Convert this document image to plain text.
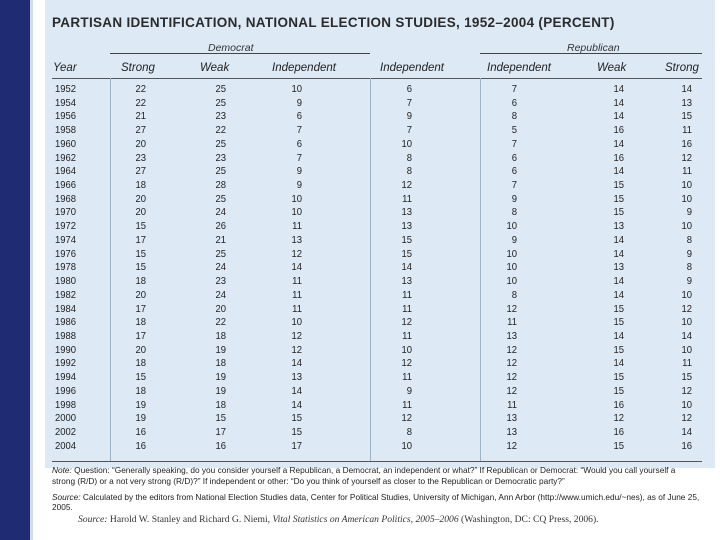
PARTISAN IDENTIFICATION, NATIONAL ELECTION STUDIES, 1952–2004 (PERCENT)
Democrat	Republican
Year	Strong	Weak	Independent	Independent	Independent	Weak	Strong
1952	22	25	10	6	7	14	14
1954	22	25	9	7	6	14	13
1956	21	23	6	9	8	14	15
1958	27	22	7	7	5	16	11
1960	20	25	6	10	7	14	16
1962	23	23	7	8	6	16	12
1964	27	25	9	8	6	14	11
1966	18	28	9	12	7	15	10
1968	20	25	10	11	9	15	10
1970	20	24	10	13	8	15	9
1972	15	26	11	13	10	13	10
1974	17	21	13	15	9	14	8
1976	15	25	12	15	10	14	9
1978	15	24	14	14	10	13	8
1980	18	23	11	13	10	14	9
1982	20	24	11	11	8	14	10
1984	17	20	11	11	12	15	12
1986	18	22	10	12	11	15	10
1988	17	18	12	11	13	14	14
1990	20	19	12	10	12	15	10
1992	18	18	14	12	12	14	11
1994	15	19	13	11	12	15	15
1996	18	19	14	9	12	15	12
1998	19	18	14	11	11	16	10
2000	19	15	15	12	13	12	12
2002	16	17	15	8	13	16	14
2004	16	16	17	10	12	15	16

Note: Question: “Generally speaking, do you consider yourself a Republican, a Democrat, an independent or what?” If Republican or Democrat: “Would you call yourself a strong (R/D) or a not very strong (R/D)?” If independent or other: “Do you think of yourself as closer to the Republican or Democratic party?”

Source: Calculated by the editors from National Election Studies data, Center for Political Studies, University of Michigan, Ann Arbor (http://www.umich.edu/~nes), as of June 25, 2005.

Source: Harold W. Stanley and Richard G. Niemi, Vital Statistics on American Politics, 2005–2006 (Washington, DC: CQ Press, 2006).
